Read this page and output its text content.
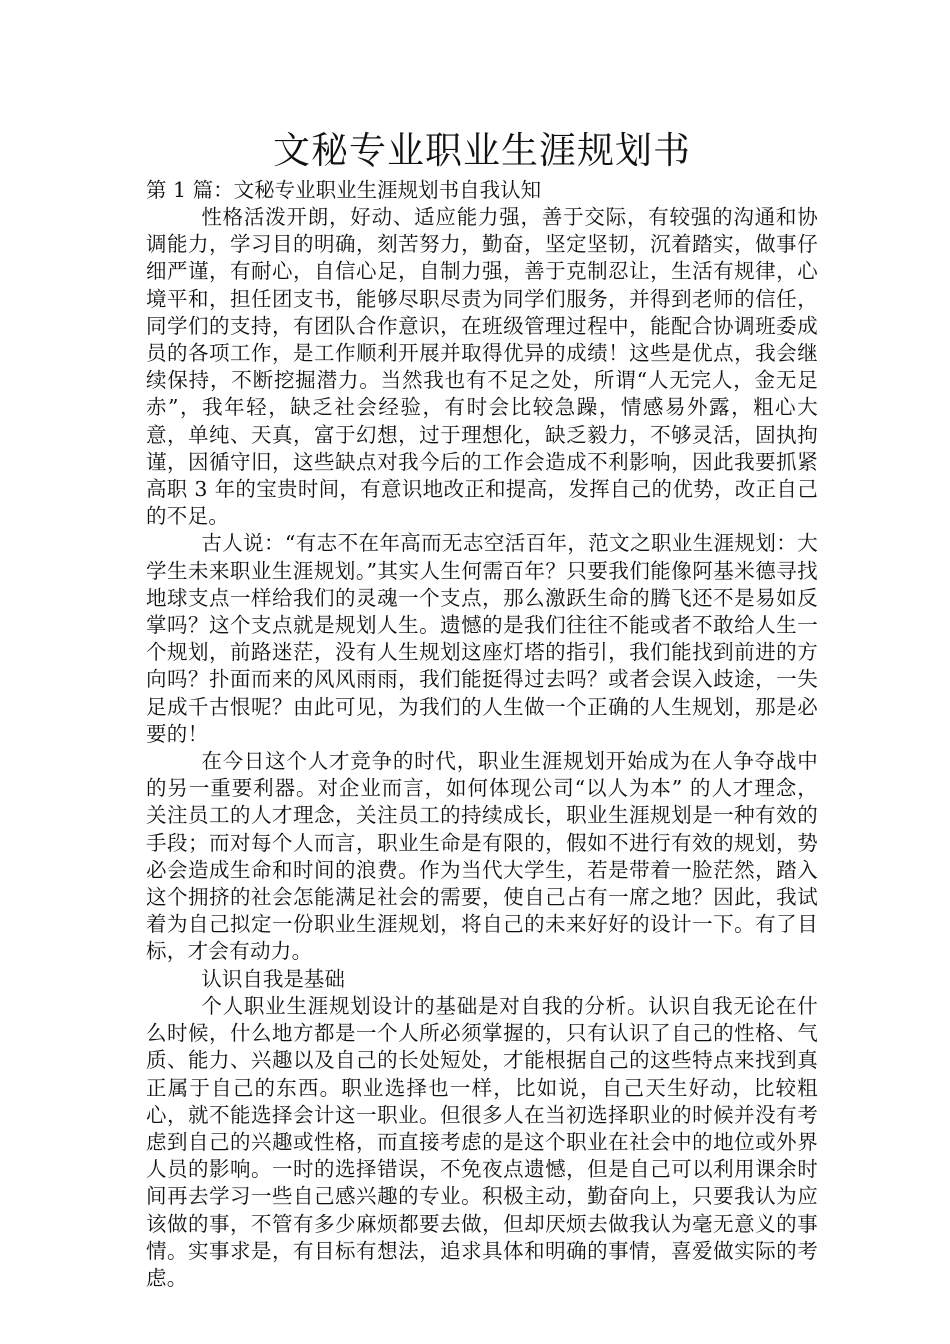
文秘专业职业生涯规划书

第 1 篇：文秘专业职业生涯规划书自我认知

性格活泼开朗，好动、适应能力强，善于交际，有较强的沟通和协调能力，学习目的明确，刻苦努力，勤奋，坚定坚韧，沉着踏实，做事仔细严谨，有耐心，自信心足，自制力强，善于克制忍让，生活有规律，心境平和，担任团支书，能够尽职尽责为同学们服务，并得到老师的信任，同学们的支持，有团队合作意识，在班级管理过程中，能配合协调班委成员的各项工作，是工作顺利开展并取得优异的成绩！这些是优点，我会继续保持，不断挖掘潜力。当然我也有不足之处，所谓“人无完人，金无足赤”，我年轻，缺乏社会经验，有时会比较急躁，情感易外露，粗心大意，单纯、天真，富于幻想，过于理想化，缺乏毅力，不够灵活，固执拘谨，因循守旧，这些缺点对我今后的工作会造成不利影响，因此我要抓紧高职 3 年的宝贵时间，有意识地改正和提高，发挥自己的优势，改正自己的不足。

古人说：“有志不在年高而无志空活百年，范文之职业生涯规划：大学生未来职业生涯规划。”其实人生何需百年？只要我们能像阿基米德寻找地球支点一样给我们的灵魂一个支点，那么激跃生命的腾飞还不是易如反掌吗？这个支点就是规划人生。遗憾的是我们往往不能或者不敢给人生一个规划，前路迷茫，没有人生规划这座灯塔的指引，我们能找到前进的方向吗？扑面而来的风风雨雨，我们能挺得过去吗？或者会误入歧途，一失足成千古恨呢？由此可见，为我们的人生做一个正确的人生规划，那是必要的！

在今日这个人才竞争的时代，职业生涯规划开始成为在人争夺战中的另一重要利器。对企业而言，如何体现公司“以人为本” 的人才理念，关注员工的人才理念，关注员工的持续成长，职业生涯规划是一种有效的手段；而对每个人而言，职业生命是有限的，假如不进行有效的规划，势必会造成生命和时间的浪费。作为当代大学生，若是带着一脸茫然，踏入这个拥挤的社会怎能满足社会的需要，使自己占有一席之地？因此，我试着为自己拟定一份职业生涯规划，将自己的未来好好的设计一下。有了目标，才会有动力。

认识自我是基础

个人职业生涯规划设计的基础是对自我的分析。认识自我无论在什么时候，什么地方都是一个人所必须掌握的，只有认识了自己的性格、气质、能力、兴趣以及自己的长处短处，才能根据自己的这些特点来找到真正属于自己的东西。职业选择也一样，比如说，自己天生好动，比较粗心，就不能选择会计这一职业。但很多人在当初选择职业的时候并没有考虑到自己的兴趣或性格，而直接考虑的是这个职业在社会中的地位或外界人员的影响。一时的选择错误，不免夜点遗憾，但是自己可以利用课余时间再去学习一些自己感兴趣的专业。积极主动，勤奋向上，只要我认为应该做的事，不管有多少麻烦都要去做，但却厌烦去做我认为毫无意义的事情。实事求是，有目标有想法，追求具体和明确的事情，喜爱做实际的考虑。
